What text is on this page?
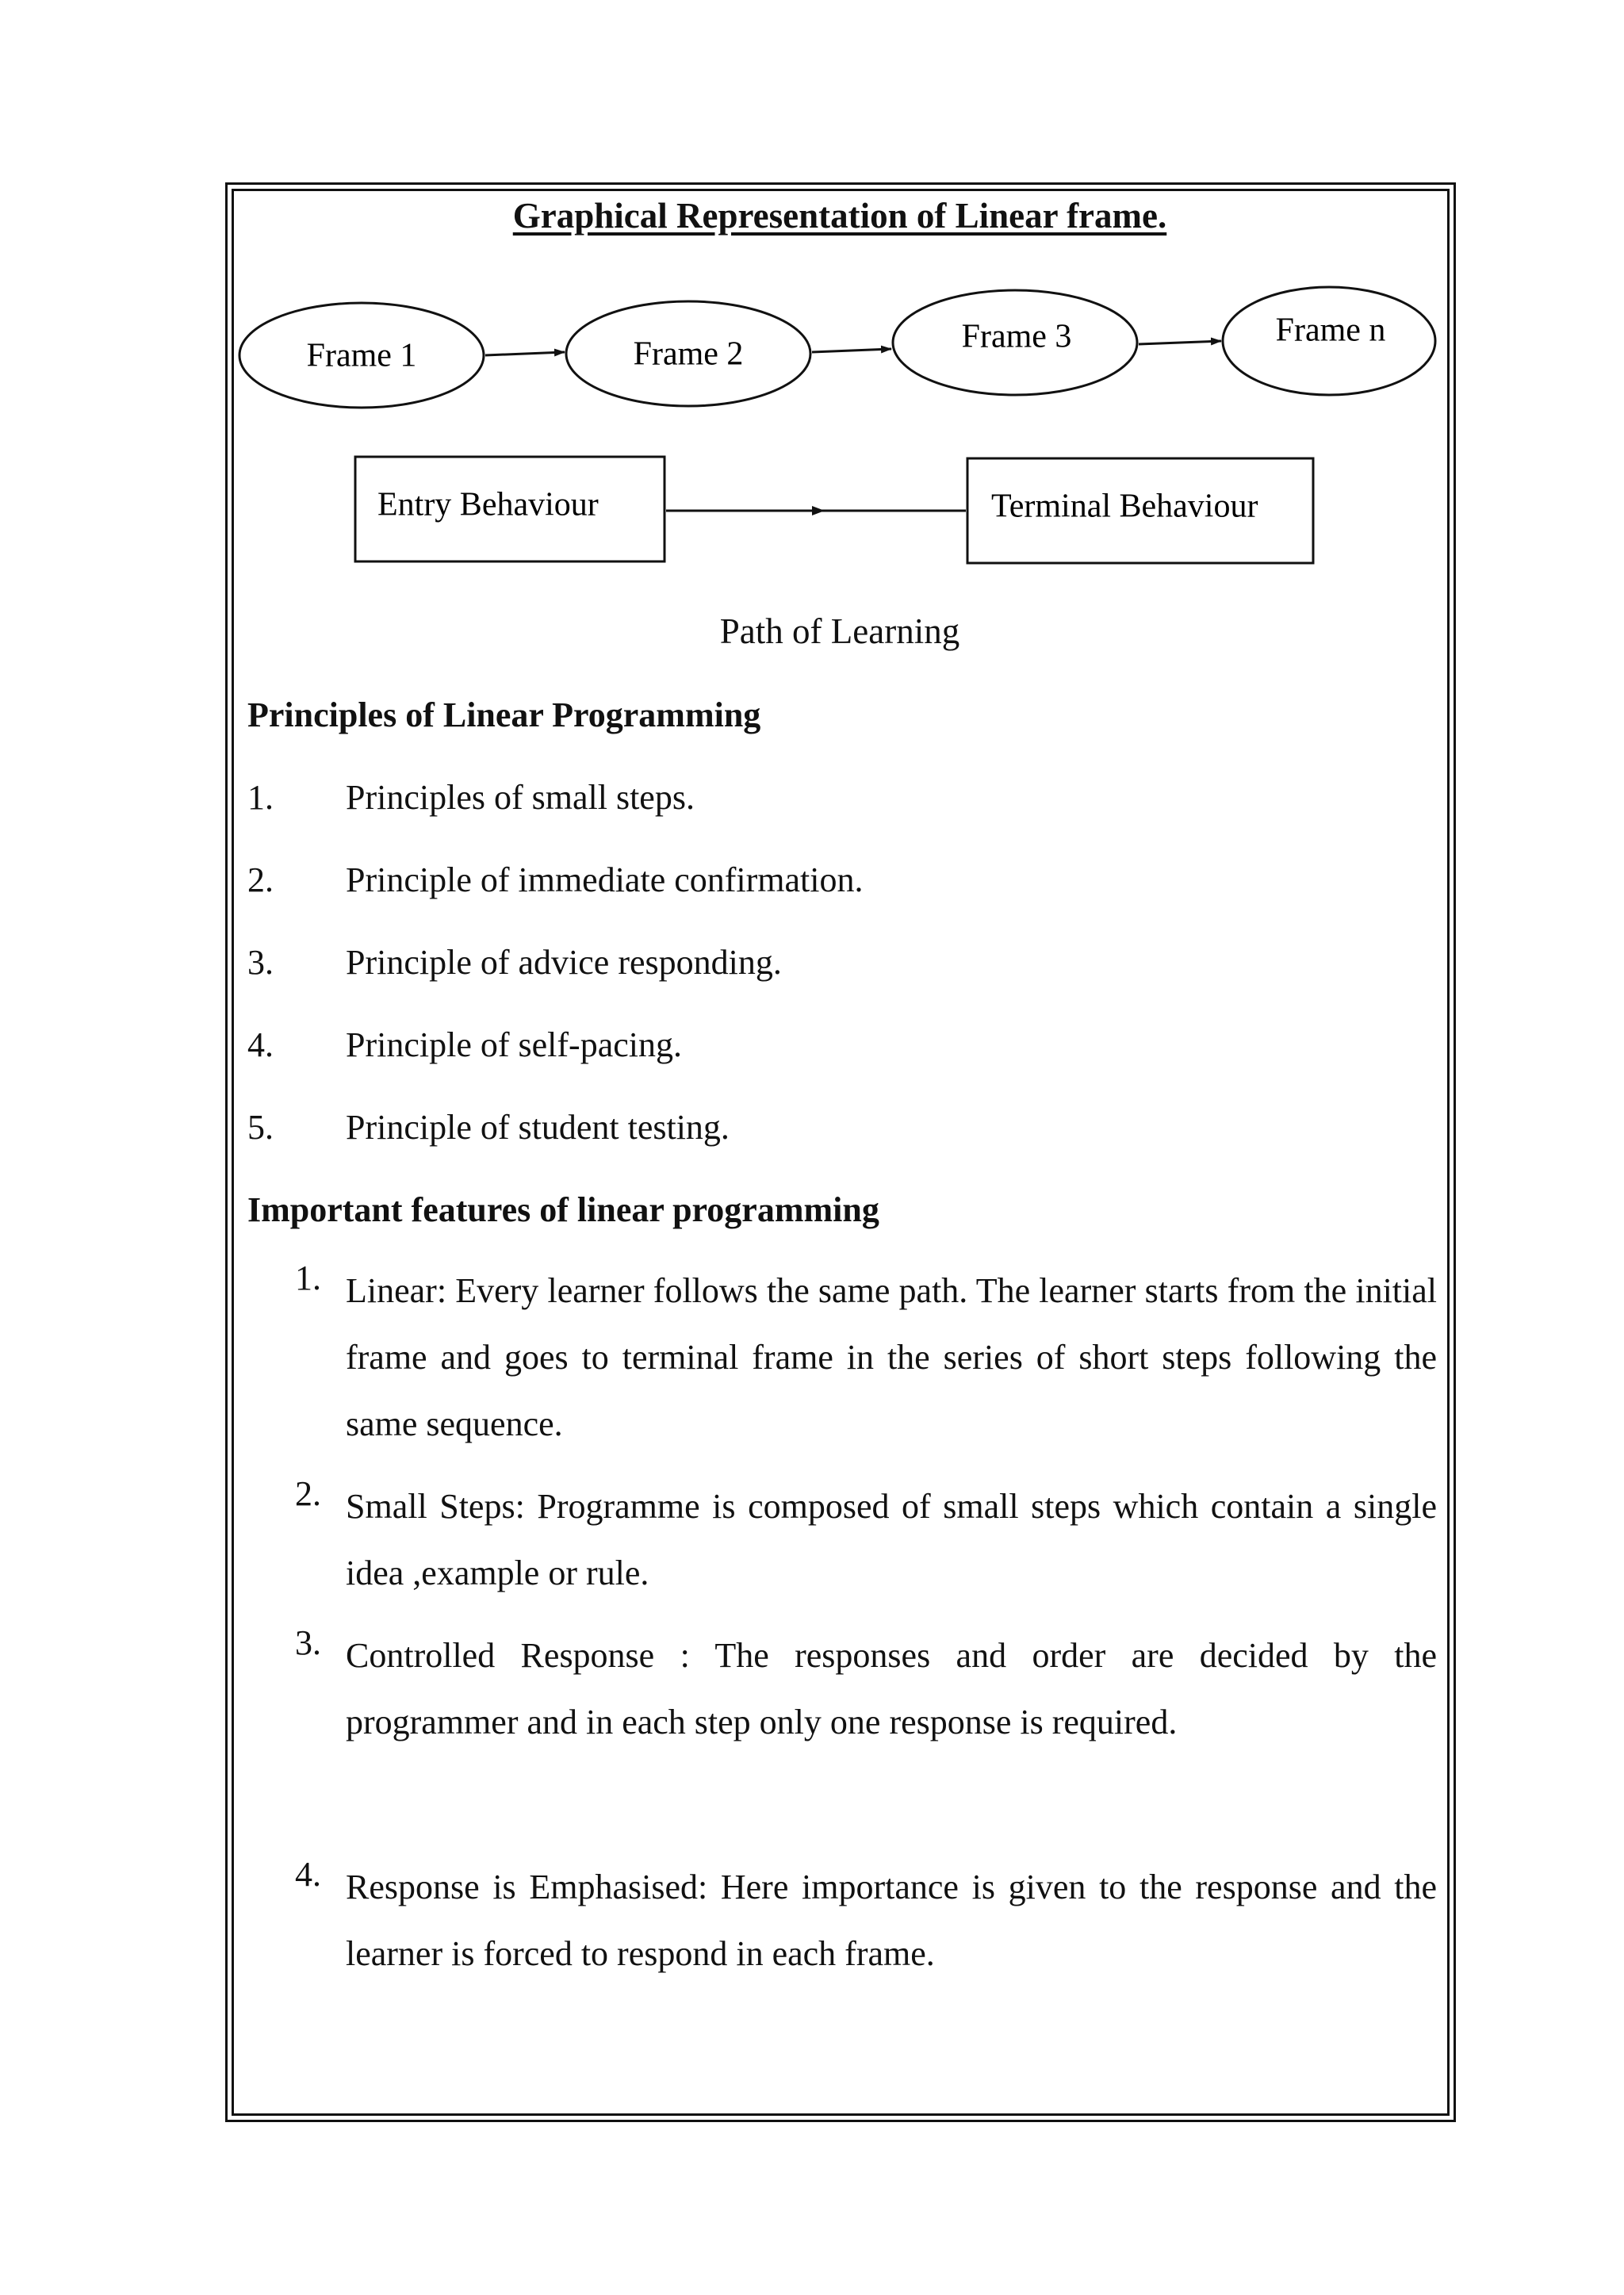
Graphical Representation of Linear frame.
Frame 1	Frame 2	Frame 3	Frame n
Entry Behaviour	Terminal Behaviour
Path of Learning
Principles of Linear Programming
1. Principles of small steps.
2. Principle of immediate confirmation.
3. Principle of advice responding.
4. Principle of self-pacing.
5. Principle of student testing.
Important features of linear programming
1. Linear: Every learner follows the same path. The learner starts from the initial frame and goes to terminal frame in the series of short steps following the same sequence.
2. Small Steps: Programme is composed of small steps which contain a single idea ,example or rule.
3. Controlled Response : The responses and order are decided by the programmer and in each step only one response is required.
4. Response is Emphasised: Here importance is given to the response and the learner is forced to respond in each frame.
